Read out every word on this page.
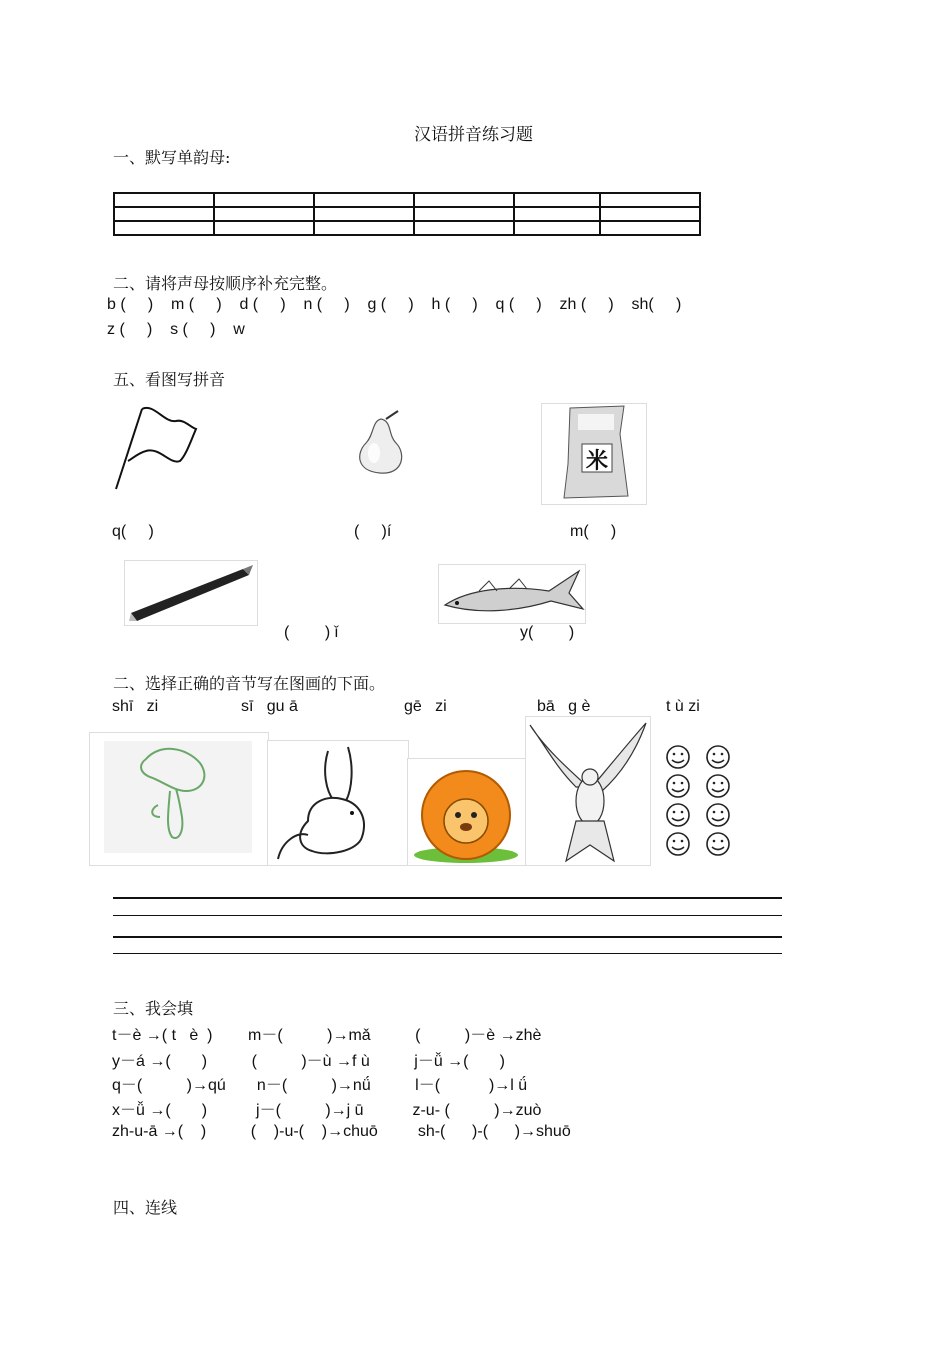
汉语拼音练习题
一、默写单韵母:

二、请将声母按顺序补充完整。
b (     )    m (     )    d (     )    n (     )    g (     )    h (     )    q (     )    zh (     )    sh(     )
z (     )    s (     )    w
五、看图写拼音
米
q(     )	(     )í	m(     )
(        ) ǐ	y(        )
二、选择正确的音节写在图画的下面。
shī   zi	sī   gu ā	gē   zi	bā   g è	t ù zi
三、我会填
t－è →( t   è  )        m－(          )→mǎ          (          )－è →zhè
y－á →(       )          (          )－ù →f ù          j－ǚ →(       )
q－(          )→qú       n－(          )→nǘ          l－(           )→l ǘ
x－ǚ →(       )           j－(          )→j ū           z-u- (          )→zuò
zh-u-ā →(    )          (    )-u-(    )→chuō         sh-(      )-(      )→shuō
四、连线
